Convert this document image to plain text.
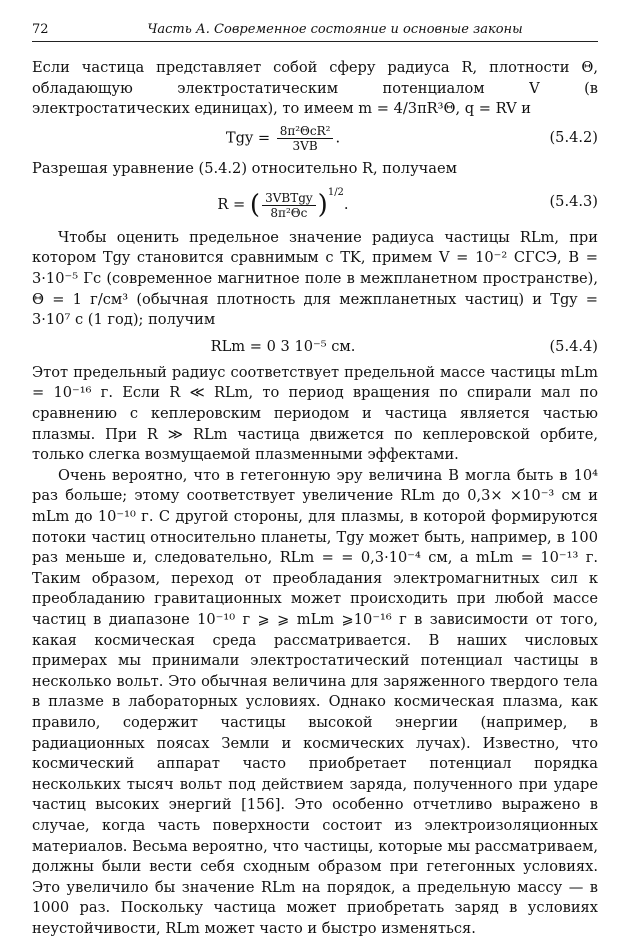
72	Часть А. Современное состояние и основные законы

Если частица представляет собой сферу радиуса R, плотности Θ, обладающую электростатическим потенциалом V (в электростатических единицах), то имеем m = 4/3πR³Θ, q = RV и

Tgy = $\frac{\text{8π²ΘcR²}}{3VB}$ .	(5.4.2)

Разрешая уравнение (5.4.2) относительно R, получаем

R = ( $\frac{\text{3VBTgy}}{\text{8π²Θc}} )^{1/2}$.	(5.4.3)

Чтобы оценить предельное значение радиуса частицы RLm, при котором Tgy становится сравнимым с TK, примем V = 10⁻² СГСЭ, B = 3·10⁻⁵ Гс (современное магнитное поле в межпланетном пространстве), Θ = 1 г/см³ (обычная плотность для межпланетных частиц) и Tgy = 3·10⁷ с (1 год); получим

RLm = 0 3 10⁻⁵ см.	(5.4.4)

Этот предельный радиус соответствует предельной массе частицы mLm = 10⁻¹⁶ г. Если R ≪ RLm, то период вращения по спирали мал по сравнению с кеплеровским периодом и частица является частью плазмы. При R ≫ RLm частица движется по кеплеровской орбите, только слегка возмущаемой плазменными эффектами.

Очень вероятно, что в гетегонную эру величина B могла быть в 10⁴ раз больше; этому соответствует увеличение RLm до 0,3× ×10⁻³ см и mLm до 10⁻¹⁰ г. С другой стороны, для плазмы, в которой формируются потоки частиц относительно планеты, Tgy может быть, например, в 100 раз меньше и, следовательно, RLm = = 0,3·10⁻⁴ см, а mLm = 10⁻¹³ г. Таким образом, переход от преобладания электромагнитных сил к преобладанию гравитационных может происходить при любой массе частиц в диапазоне 10⁻¹⁰ г ⩾ ⩾ mLm ⩾10⁻¹⁶ г в зависимости от того, какая космическая среда рассматривается. В наших числовых примерах мы принимали электростатический потенциал частицы в несколько вольт. Это обычная величина для заряженного твердого тела в плазме в лабораторных условиях. Однако космическая плазма, как правило, содержит частицы высокой энергии (например, в радиационных поясах Земли и космических лучах). Известно, что космический аппарат часто приобретает потенциал порядка нескольких тысяч вольт под действием заряда, полученного при ударе частиц высоких энергий [156]. Это особенно отчетливо выражено в случае, когда часть поверхности состоит из электроизоляционных материалов. Весьма вероятно, что частицы, которые мы рассматриваем, должны были вести себя сходным образом при гетегонных условиях. Это увеличило бы значение RLm на порядок, а предельную массу — в 1000 раз. Поскольку частица может приобретать заряд в условиях неустойчивости, RLm может часто и быстро изменяться.
